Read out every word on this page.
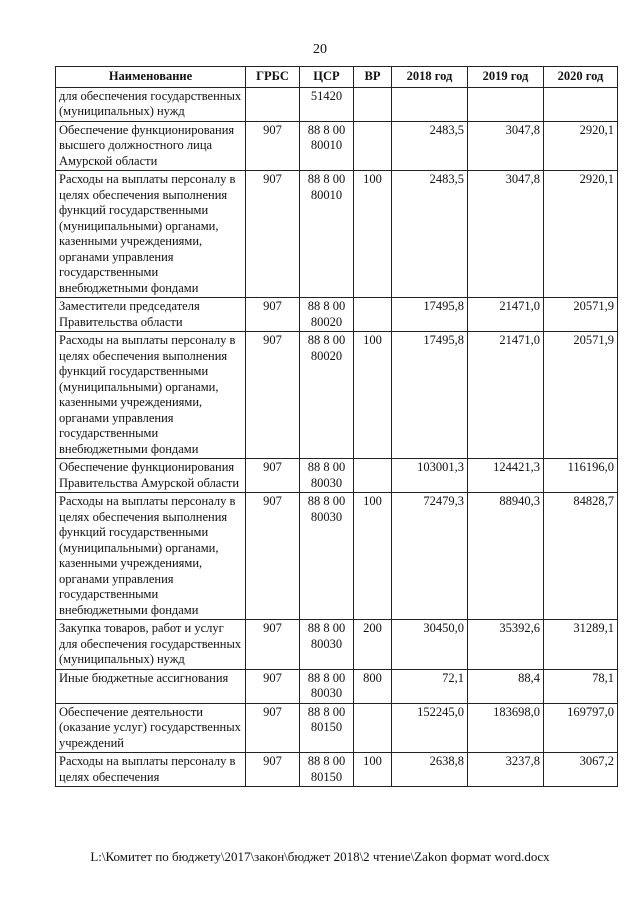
20
Наименование	ГРБС	ЦСР	ВР	2018 год	2019 год	2020 год
для обеспечения государственных (муниципальных) нужд		51420				
Обеспечение функционирования высшего должностного лица Амурской области	907	88 8 00 80010		2483,5	3047,8	2920,1
Расходы на выплаты персоналу в целях обеспечения выполнения функций государственными (муниципальными) органами, казенными учреждениями, органами управления государственными внебюджетными фондами	907	88 8 00 80010	100	2483,5	3047,8	2920,1
Заместители председателя Правительства области	907	88 8 00 80020		17495,8	21471,0	20571,9
Расходы на выплаты персоналу в целях обеспечения выполнения функций государственными (муниципальными) органами, казенными учреждениями, органами управления государственными внебюджетными фондами	907	88 8 00 80020	100	17495,8	21471,0	20571,9
Обеспечение функционирования Правительства Амурской области	907	88 8 00 80030		103001,3	124421,3	116196,0
Расходы на выплаты персоналу в целях обеспечения выполнения функций государственными (муниципальными) органами, казенными учреждениями, органами управления государственными внебюджетными фондами	907	88 8 00 80030	100	72479,3	88940,3	84828,7
Закупка товаров, работ и услуг для обеспечения государственных (муниципальных) нужд	907	88 8 00 80030	200	30450,0	35392,6	31289,1
Иные бюджетные ассигнования	907	88 8 00 80030	800	72,1	88,4	78,1
Обеспечение деятельности (оказание услуг) государственных учреждений	907	88 8 00 80150		152245,0	183698,0	169797,0
Расходы на выплаты персоналу в целях обеспечения	907	88 8 00 80150	100	2638,8	3237,8	3067,2
L:\Комитет по бюджету\2017\закон\бюджет 2018\2 чтение\Zakon формат word.docx
